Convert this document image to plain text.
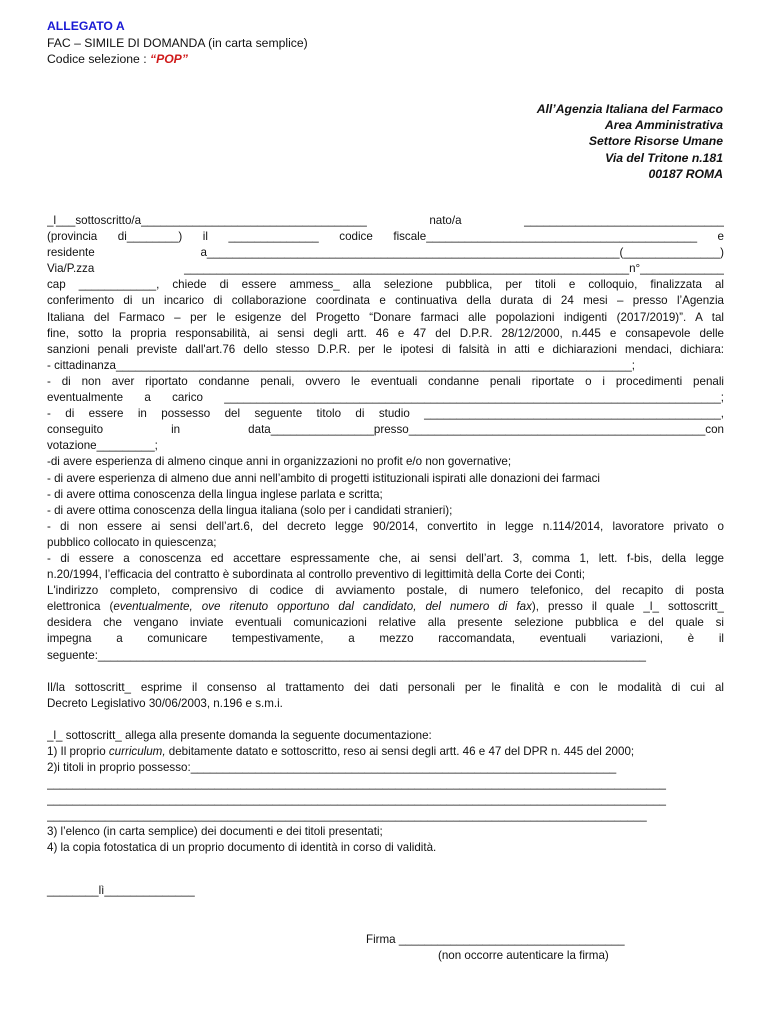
ALLEGATO A
FAC – SIMILE DI DOMANDA (in carta semplice)
Codice selezione : “POP”
All’Agenzia Italiana del Farmaco
Area Amministrativa
Settore Risorse Umane
Via del Tritone n.181
00187 ROMA
_l___sottoscritto/a___________________________________ nato/a _______________________________
(provincia di________) il ______________ codice fiscale__________________________________________ e
residente a________________________________________________________________(_______________)
Via/P.zza _____________________________________________________________________n°_____________
cap ____________, chiede di essere ammess_ alla selezione pubblica, per titoli e colloquio, finalizzata al
conferimento di un incarico di collaborazione coordinata e continuativa della durata di 24 mesi – presso l’Agenzia
Italiana del Farmaco – per le esigenze del Progetto “Donare farmaci alle popolazioni indigenti (2017/2019)”. A tal
fine, sotto la propria responsabilità, ai sensi degli artt. 46 e 47 del D.P.R. 28/12/2000, n.445 e consapevole delle
sanzioni penali previste dall'art.76 dello stesso D.P.R. per le ipotesi di falsità in atti e dichiarazioni mendaci, dichiara:
- cittadinanza________________________________________________________________________________;
- di non aver riportato condanne penali, ovvero le eventuali condanne penali riportate o i procedimenti penali
eventualmente a carico _____________________________________________________________________________;
- di essere in possesso del seguente titolo di studio ______________________________________________,
conseguito in data________________presso______________________________________________con
votazione_________;
-di avere esperienza di almeno cinque anni in organizzazioni no profit e/o non governative;
- di avere esperienza di almeno due anni nell’ambito di progetti istituzionali ispirati alle donazioni dei farmaci
- di avere ottima conoscenza della lingua inglese parlata e scritta;
- di avere ottima conoscenza della lingua italiana (solo per i candidati stranieri);
- di non essere ai sensi dell’art.6, del decreto legge 90/2014, convertito in legge n.114/2014, lavoratore privato o
pubblico collocato in quiescenza;
- di essere a conoscenza ed accettare espressamente che, ai sensi dell’art. 3, comma 1, lett. f-bis, della legge
n.20/1994, l’efficacia del contratto è subordinata al controllo preventivo di legittimità della Corte dei Conti;
L'indirizzo completo, comprensivo di codice di avviamento postale, di numero telefonico, del recapito di posta
elettronica (eventualmente, ove ritenuto opportuno dal candidato, del numero di fax), presso il quale _l_ sottoscritt_
desidera che vengano inviate eventuali comunicazioni relative alla presente selezione pubblica e del quale si
impegna a comunicare tempestivamente, a mezzo raccomandata, eventuali variazioni, è il
seguente:_____________________________________________________________________________________
Il/la sottoscritt_ esprime il consenso al trattamento dei dati personali per le finalità e con le modalità di cui al
Decreto Legislativo 30/06/2003, n.196 e s.m.i.
_l_ sottoscritt_ allega alla presente domanda la seguente documentazione:
1) Il proprio curriculum, debitamente datato e sottoscritto, reso ai sensi degli artt. 46 e 47 del DPR n. 445 del 2000;
2)i titoli in proprio possesso:__________________________________________________________________
________________________________________________________________________________________________
________________________________________________________________________________________________
_____________________________________________________________________________________________
3) l’elenco (in carta semplice) dei documenti e dei titoli presentati;
4) la copia fotostatica di un proprio documento di identità in corso di validità.
________lì______________
Firma ___________________________________
(non occorre autenticare la firma)
